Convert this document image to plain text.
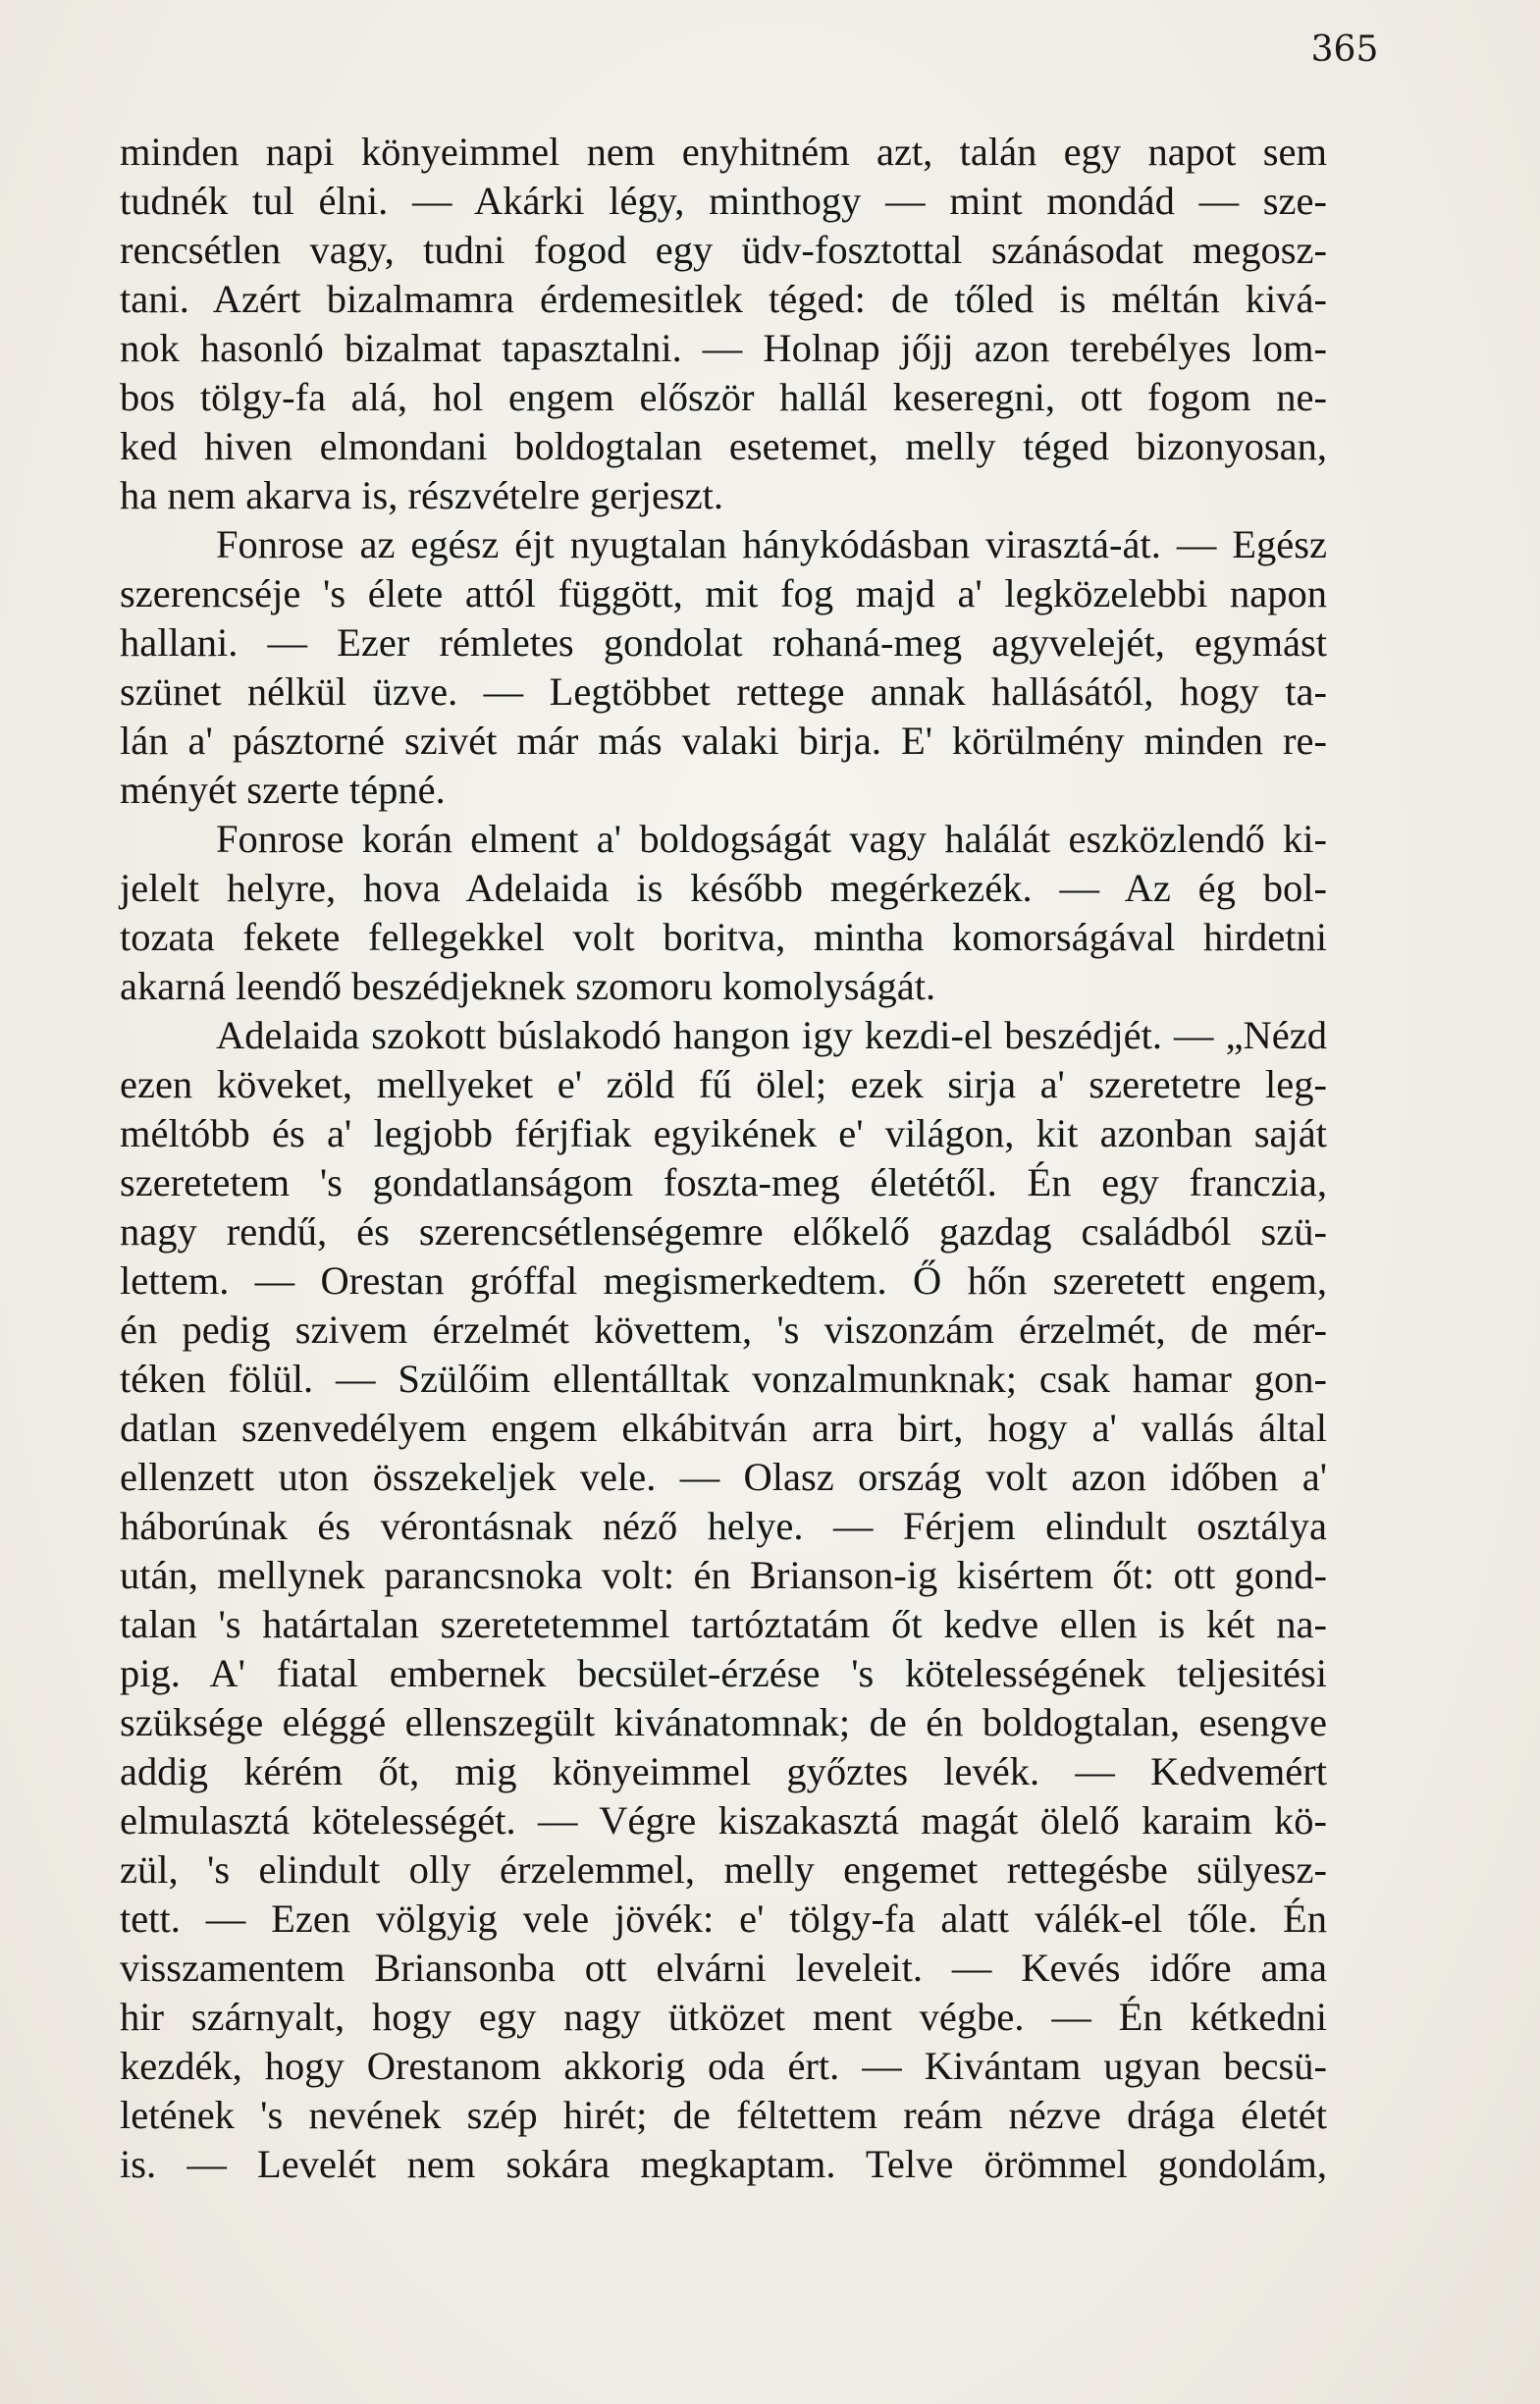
365
minden napi könyeimmel nem enyhitném azt, talán egy napot sem
tudnék tul élni. — Akárki légy, minthogy — mint mondád — sze-
rencsétlen vagy, tudni fogod egy üdv-fosztottal szánásodat megosz-
tani. Azért bizalmamra érdemesitlek téged: de tőled is méltán kivá-
nok hasonló bizalmat tapasztalni. — Holnap jőjj azon terebélyes lom-
bos tölgy-fa alá, hol engem először hallál keseregni, ott fogom ne-
ked hiven elmondani boldogtalan esetemet, melly téged bizonyosan,
ha nem akarva is, részvételre gerjeszt.
Fonrose az egész éjt nyugtalan hánykódásban virasztá-át. — Egész
szerencséje 's élete attól függött, mit fog majd a' legközelebbi napon
hallani. — Ezer rémletes gondolat rohaná-meg agyvelejét, egymást
szünet nélkül üzve. — Legtöbbet rettege annak hallásától, hogy ta-
lán a' pásztorné szivét már más valaki birja. E' körülmény minden re-
ményét szerte tépné.
Fonrose korán elment a' boldogságát vagy halálát eszközlendő ki-
jelelt helyre, hova Adelaida is később megérkezék. — Az ég bol-
tozata fekete fellegekkel volt boritva, mintha komorságával hirdetni
akarná leendő beszédjeknek szomoru komolyságát.
Adelaida szokott búslakodó hangon igy kezdi-el beszédjét. — „Nézd
ezen köveket, mellyeket e' zöld fű ölel; ezek sirja a' szeretetre leg-
méltóbb és a' legjobb férjfiak egyikének e' világon, kit azonban saját
szeretetem 's gondatlanságom foszta-meg életétől. Én egy franczia,
nagy rendű, és szerencsétlenségemre előkelő gazdag családból szü-
lettem. — Orestan gróffal megismerkedtem. Ő hőn szeretett engem,
én pedig szivem érzelmét követtem, 's viszonzám érzelmét, de mér-
téken fölül. — Szülőim ellentálltak vonzalmunknak; csak hamar gon-
datlan szenvedélyem engem elkábitván arra birt, hogy a' vallás által
ellenzett uton összekeljek vele. — Olasz ország volt azon időben a'
háborúnak és vérontásnak néző helye. — Férjem elindult osztálya
után, mellynek parancsnoka volt: én Brianson-ig kisértem őt: ott gond-
talan 's határtalan szeretetemmel tartóztatám őt kedve ellen is két na-
pig. A' fiatal embernek becsület-érzése 's kötelességének teljesitési
szüksége eléggé ellenszegült kivánatomnak; de én boldogtalan, esengve
addig kérém őt, mig könyeimmel győztes levék. — Kedvemért
elmulasztá kötelességét. — Végre kiszakasztá magát ölelő karaim kö-
zül, 's elindult olly érzelemmel, melly engemet rettegésbe sülyesz-
tett. — Ezen völgyig vele jövék: e' tölgy-fa alatt válék-el tőle. Én
visszamentem Briansonba ott elvárni leveleit. — Kevés időre ama
hir szárnyalt, hogy egy nagy ütközet ment végbe. — Én kétkedni
kezdék, hogy Orestanom akkorig oda ért. — Kivántam ugyan becsü-
letének 's nevének szép hirét; de féltettem reám nézve drága életét
is. — Levelét nem sokára megkaptam. Telve örömmel gondolám,
